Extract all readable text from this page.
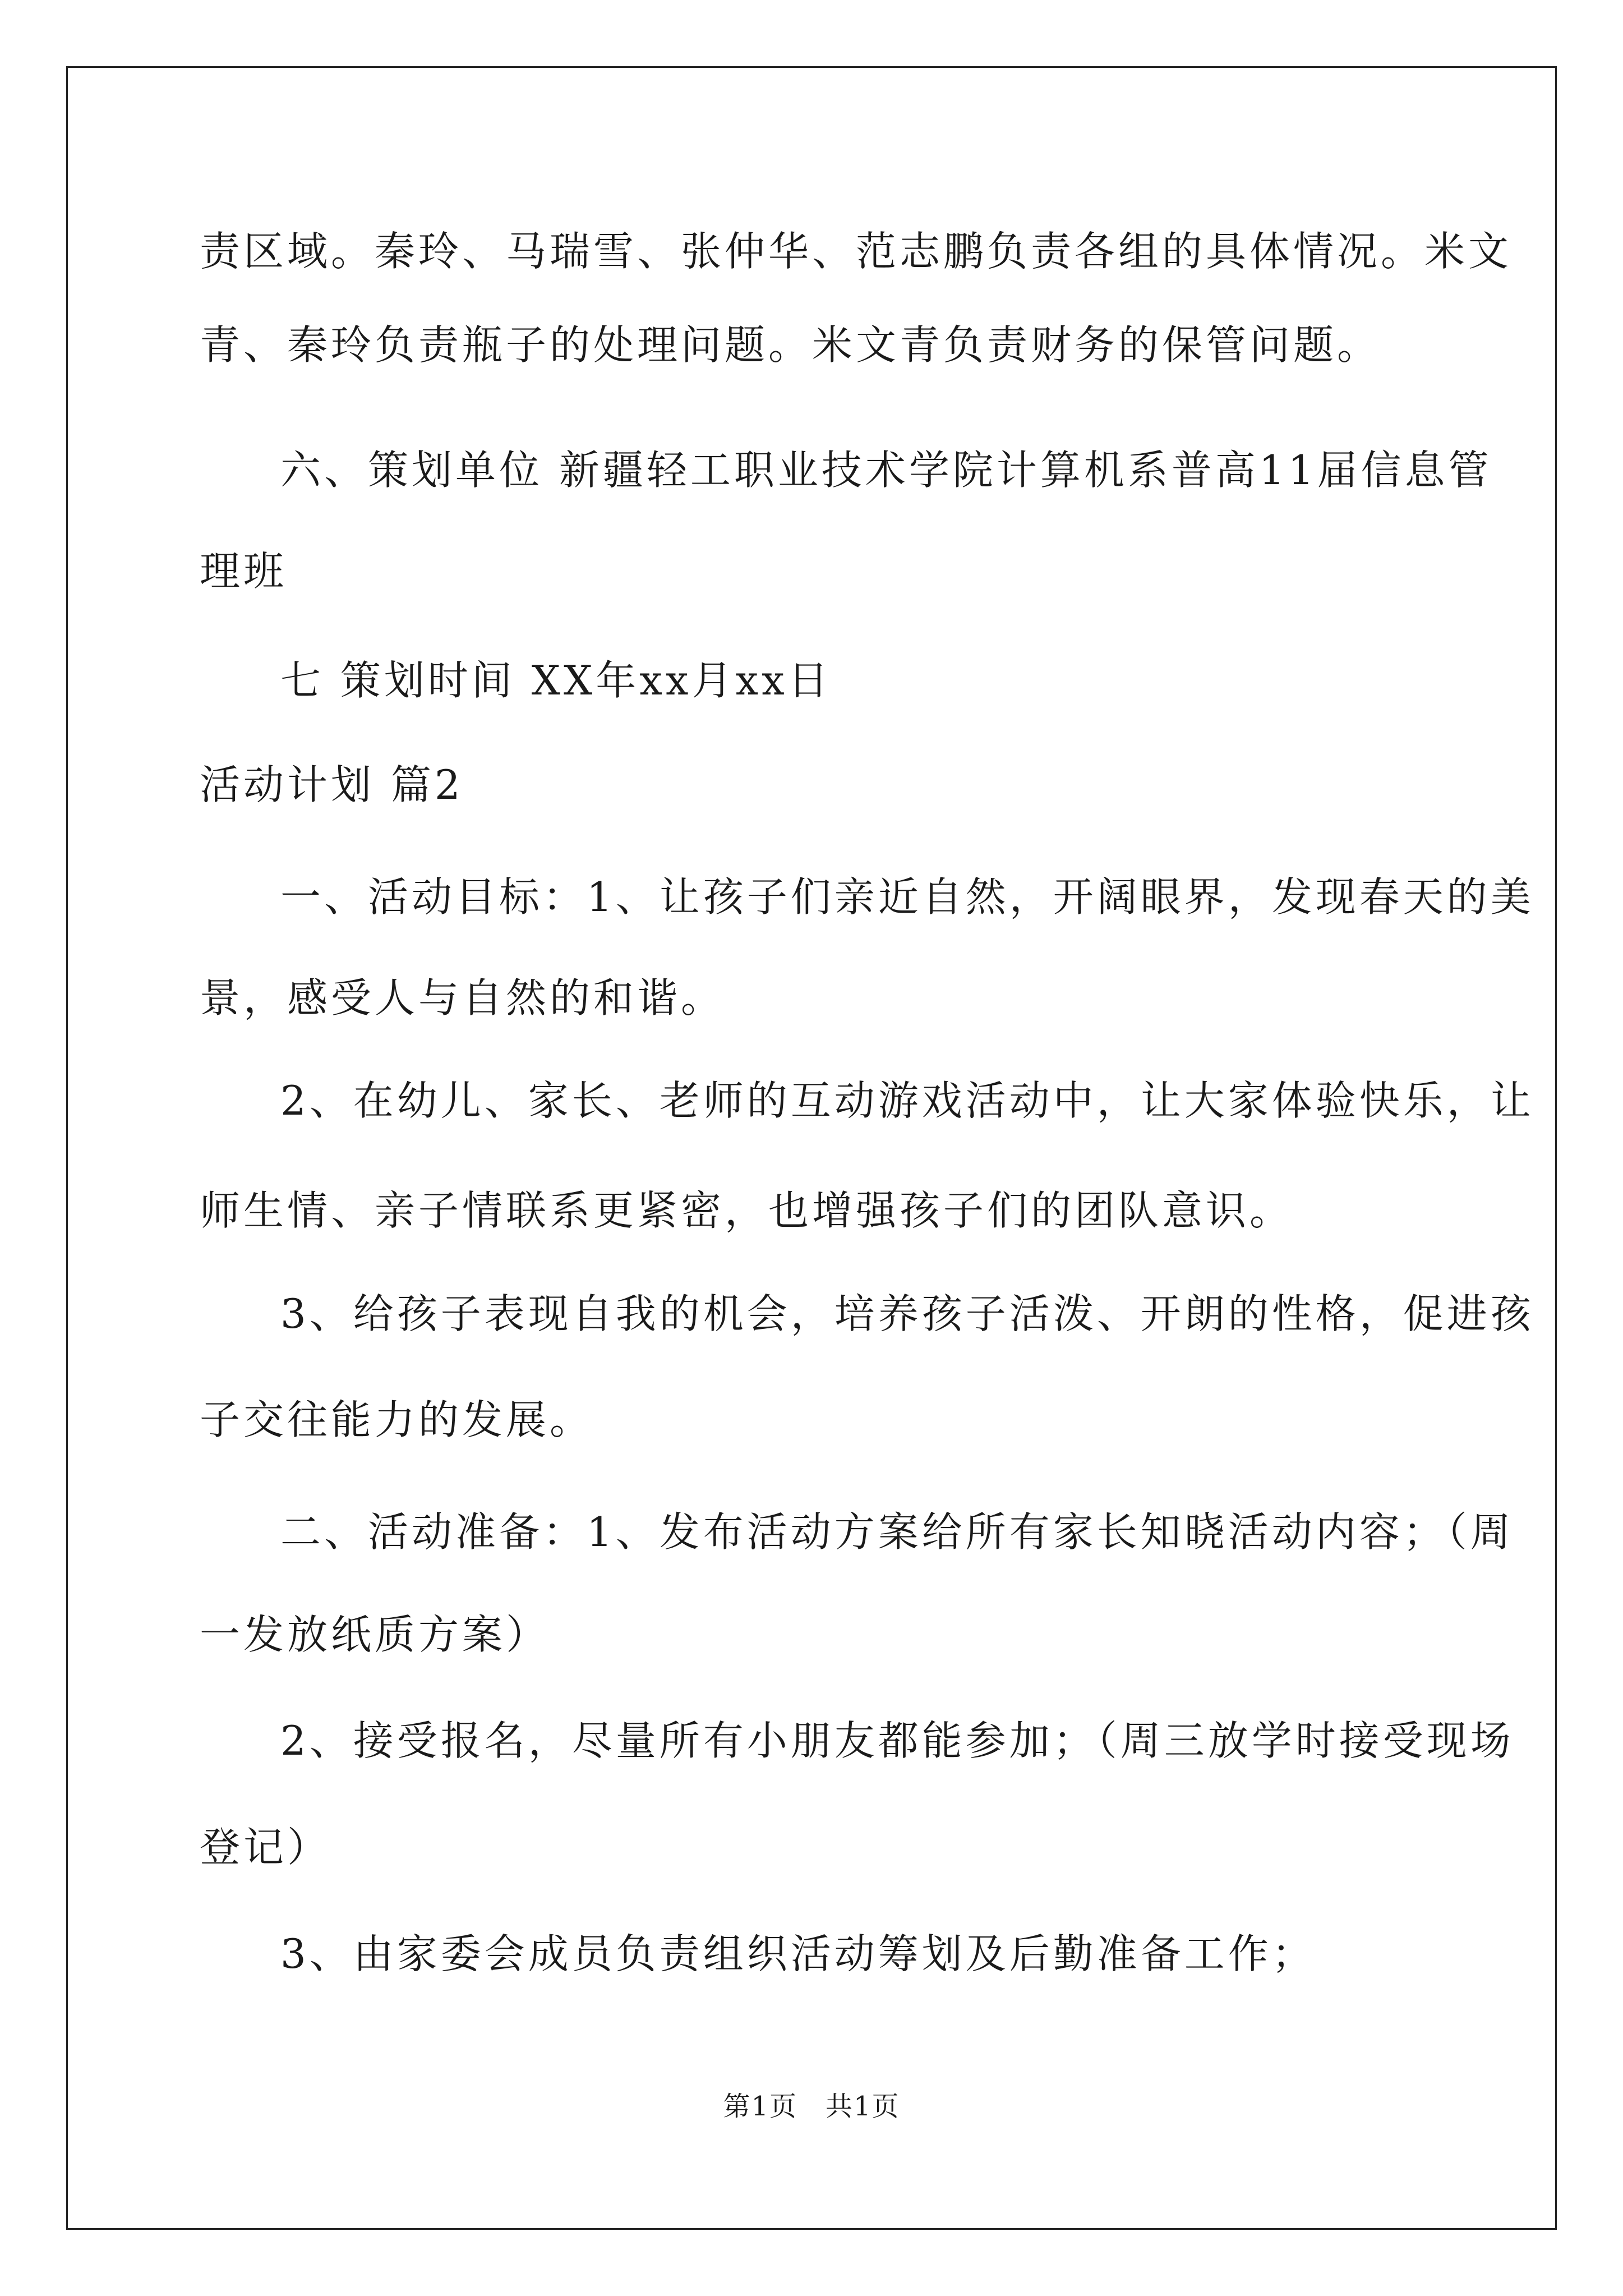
责区域。秦玲、马瑞雪、张仲华、范志鹏负责各组的具体情况。米文
青、秦玲负责瓶子的处理问题。米文青负责财务的保管问题。
六、策划单位 新疆轻工职业技术学院计算机系普高11届信息管
理班
七 策划时间 XX年xx月xx日
活动计划 篇2
一、活动目标：1、让孩子们亲近自然，开阔眼界，发现春天的美
景，感受人与自然的和谐。
2、在幼儿、家长、老师的互动游戏活动中，让大家体验快乐，让
师生情、亲子情联系更紧密，也增强孩子们的团队意识。
3、给孩子表现自我的机会，培养孩子活泼、开朗的性格，促进孩
子交往能力的发展。
二、活动准备：1、发布活动方案给所有家长知晓活动内容；（周
一发放纸质方案）
2、接受报名，尽量所有小朋友都能参加；（周三放学时接受现场
登记）
3、由家委会成员负责组织活动筹划及后勤准备工作；
第1页　共1页
